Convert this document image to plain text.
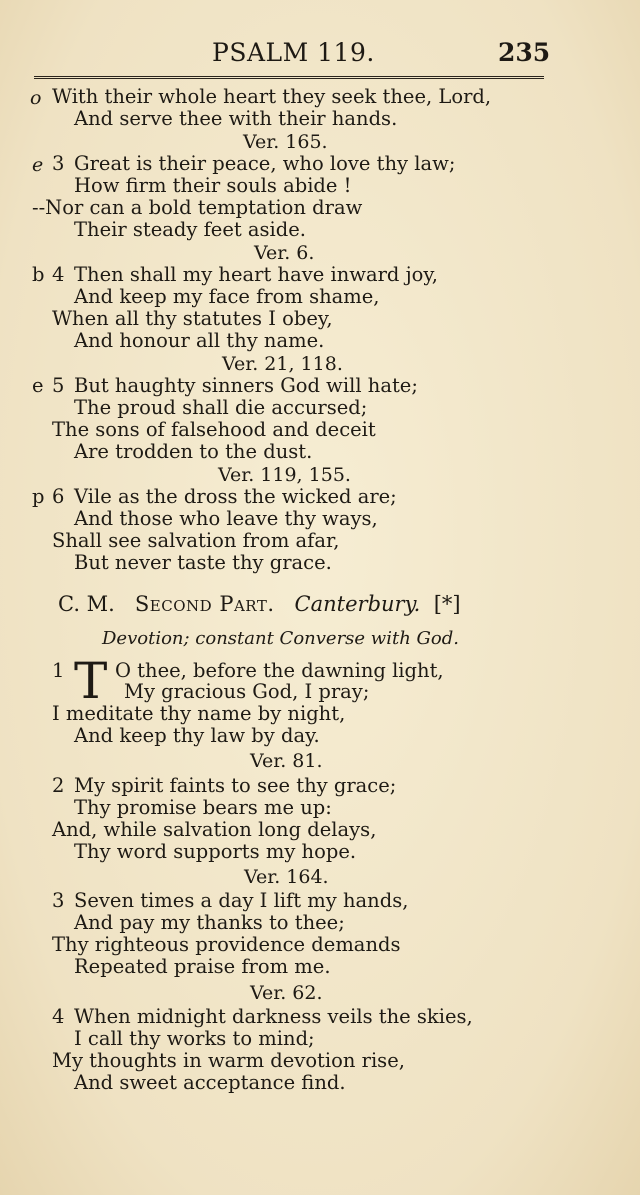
PSALM 119.	235
o With their whole heart they seek thee, Lord,
And serve thee with their hands.
Ver. 165.
e 3 Great is their peace, who love thy law;
How firm their souls abide !
--Nor can a bold temptation draw
Their steady feet aside.
Ver. 6.
b 4 Then shall my heart have inward joy,
And keep my face from shame,
When all thy statutes I obey,
And honour all thy name.
Ver. 21, 118.
e 5 But haughty sinners God will hate;
The proud shall die accursed;
The sons of falsehood and deceit
Are trodden to the dust.
Ver. 119, 155.
p 6 Vile as the dross the wicked are;
And those who leave thy ways,
Shall see salvation from afar,
But never taste thy grace.
C. M. Second Part. Canterbury. [*]
Devotion; constant Converse with God.
1 T O thee, before the dawning light,
My gracious God, I pray;
I meditate thy name by night,
And keep thy law by day.
Ver. 81.
2 My spirit faints to see thy grace;
Thy promise bears me up:
And, while salvation long delays,
Thy word supports my hope.
Ver. 164.
3 Seven times a day I lift my hands,
And pay my thanks to thee;
Thy righteous providence demands
Repeated praise from me.
Ver. 62.
4 When midnight darkness veils the skies,
I call thy works to mind;
My thoughts in warm devotion rise,
And sweet acceptance find.
